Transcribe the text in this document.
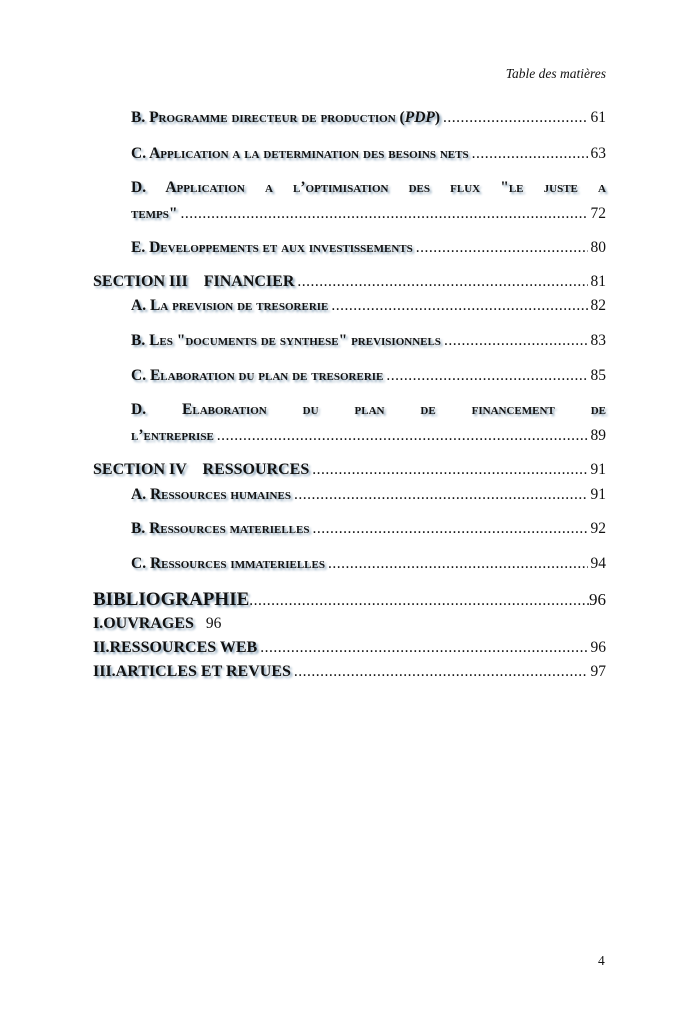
Table des matières
B. Programme directeur de production (PDP) .....	61
C. Application a la determination des besoins nets .....	63
D. Application a l’optimisation des flux "le juste a
temps" .....	72
E. Developpements et aux investissements .....	80
SECTION III    FINANCIER .....	81
A. La prevision de tresorerie .....	82
B. Les "documents de synthese" previsionnels .....	83
C. Elaboration du plan de tresorerie .....	85
D. Elaboration du plan de financement de
l’entreprise .....	89
SECTION IV    RESSOURCES .....	91
A. Ressources humaines .....	91
B. Ressources materielles .....	92
C. Ressources immaterielles .....	94
BIBLIOGRAPHIE .....	96
I.OUVRAGES 96
II.RESSOURCES WEB .....	96
III.ARTICLES ET REVUES .....	97
4
